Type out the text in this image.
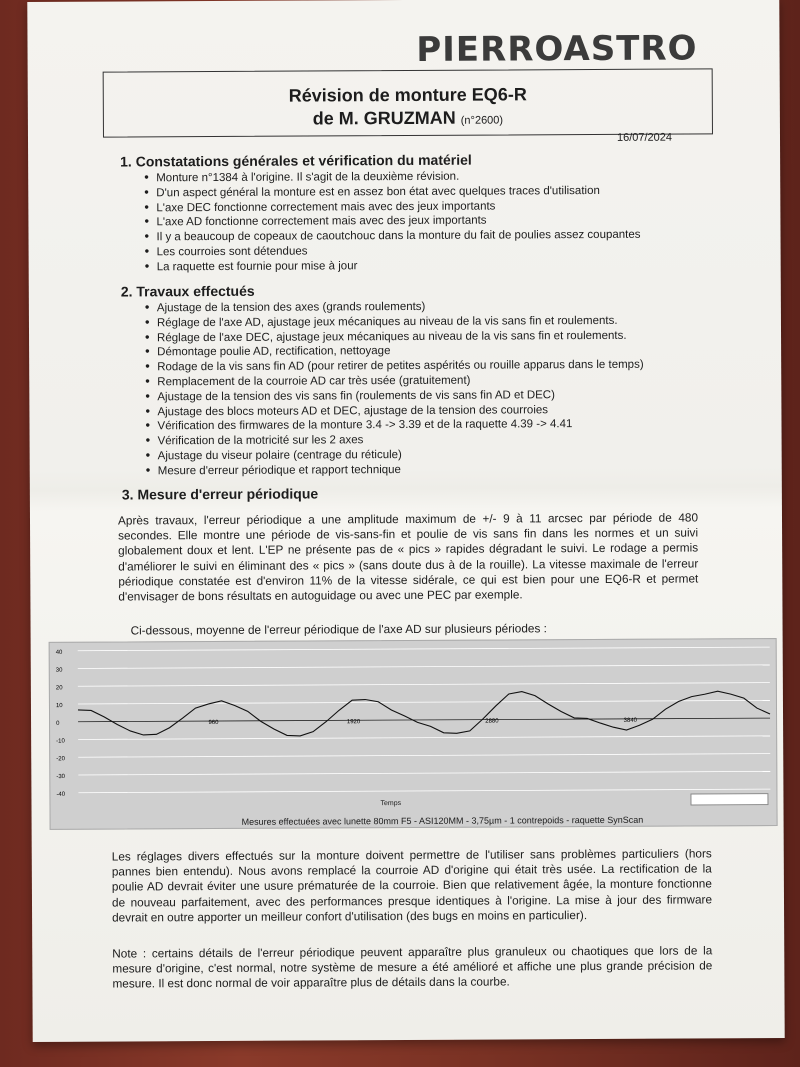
PIERROASTRO
Révision de monture EQ6-R
de M. GRUZMAN (n°2600)
16/07/2024
1. Constatations générales et vérification du matériel
• Monture n°1384 à l'origine. Il s'agit de la deuxième révision.
• D'un aspect général la monture est en assez bon état avec quelques traces d'utilisation
• L'axe DEC fonctionne correctement mais avec des jeux importants
• L'axe AD fonctionne correctement mais avec des jeux importants
• Il y a beaucoup de copeaux de caoutchouc dans la monture du fait de poulies assez coupantes
• Les courroies sont détendues
• La raquette est fournie pour mise à jour
2. Travaux effectués
• Ajustage de la tension des axes (grands roulements)
• Réglage de l'axe AD, ajustage jeux mécaniques au niveau de la vis sans fin et roulements.
• Réglage de l'axe DEC, ajustage jeux mécaniques au niveau de la vis sans fin et roulements.
• Démontage poulie AD, rectification, nettoyage
• Rodage de la vis sans fin AD (pour retirer de petites aspérités ou rouille apparus dans le temps)
• Remplacement de la courroie AD car très usée (gratuitement)
• Ajustage de la tension des vis sans fin (roulements de vis sans fin AD et DEC)
• Ajustage des blocs moteurs AD et DEC, ajustage de la tension des courroies
• Vérification des firmwares de la monture 3.4 -> 3.39 et de la raquette 4.39 -> 4.41
• Vérification de la motricité sur les 2 axes
• Ajustage du viseur polaire (centrage du réticule)
• Mesure d'erreur périodique et rapport technique
3. Mesure d'erreur périodique
Après travaux, l'erreur périodique a une amplitude maximum de +/- 9 à 11 arcsec par période de 480 secondes. Elle montre une période de vis-sans-fin et poulie de vis sans fin dans les normes et un suivi globalement doux et lent. L'EP ne présente pas de « pics » rapides dégradant le suivi. Le rodage a permis d'améliorer le suivi en éliminant des « pics » (sans doute dus à de la rouille). La vitesse maximale de l'erreur périodique constatée est d'environ 11% de la vitesse sidérale, ce qui est bien pour une EQ6-R et permet d'envisager de bons résultats en autoguidage ou avec une PEC par exemple.
Ci-dessous, moyenne de l'erreur périodique de l'axe AD sur plusieurs périodes :
40
30
20
10
0
-10
-20
-30
-40
960	1920	2880	3840
Temps
Mesures effectuées avec lunette 80mm F5 - ASI120MM - 3,75µm - 1 contrepoids - raquette SynScan
Les réglages divers effectués sur la monture doivent permettre de l'utiliser sans problèmes particuliers (hors pannes bien entendu). Nous avons remplacé la courroie AD d'origine qui était très usée. La rectification de la poulie AD devrait éviter une usure prématurée de la courroie. Bien que relativement âgée, la monture fonctionne de nouveau parfaitement, avec des performances presque identiques à l'origine. La mise à jour des firmware devrait en outre apporter un meilleur confort d'utilisation (des bugs en moins en particulier).
Note : certains détails de l'erreur périodique peuvent apparaître plus granuleux ou chaotiques que lors de la mesure d'origine, c'est normal, notre système de mesure a été amélioré et affiche une plus grande précision de mesure. Il est donc normal de voir apparaître plus de détails dans la courbe.
